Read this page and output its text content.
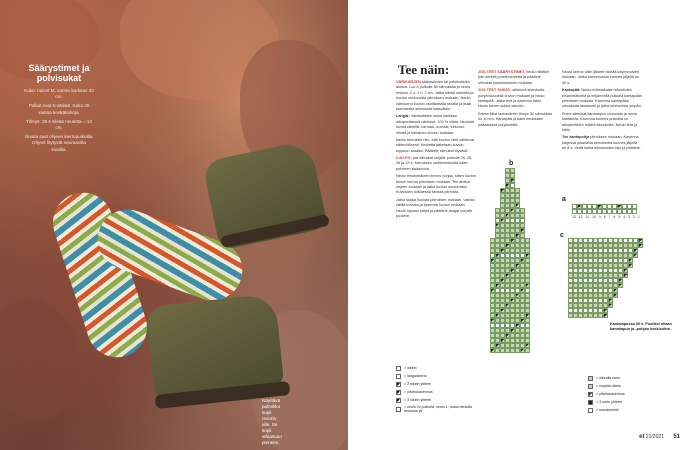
Säärystimet ja polvisukat

Koko: naiset M, varren korkeus 33 cm.

Pulkat ovat 6-värisiä. Koko 39 vastaa kenkäkokoja.

Tiheys: 29 s sileää neuletta = 10 cm.

Ilmoita saat ohjeen kiertopuikoilla. Ohjeet löytyvät seuraavilta sivuilta.

Näyttävä
palmikko
sopii
resorin
alle. Se
sopii
arkiasuun
pieneen.
Tee näin:

VÄRIKÄRJEN säärystimien tai polvisukkien aloitus: Luo 4 puikolle 55 silmukkaa ja neulo resoria, 2 o, 2 n, 7 cm. Jatka sileää neuletta ja kuvion neulomista piirroksen mukaan. Neulo värivuorot kuvion osoittamalla tavalla ja lisää kerroksella silmukoita tasavälein.

Langat: Varsisukkien lanka kaikissa alkuperäisissä väreissä, 100 % villaa. Neulotut kuviot väreillä: harmaa, oranssi, turkoosi, vihreä ja keltainen kuvion mukaan.

Neulo kerroksia niin, että kuvion värit vaihtuvat säännöllisesti. Neuletta jatketaan kuvion loppuun saakka. Päättele silmukat löysästi.

LUO P.S. jaa silmukat neljälle puikolle 26, 26, 26 ja 13 s. Kerroksen vaihtumiskohta tulee pohkeen sisäsivulle.

Neulo ensimmäinen kerros nurjaa, sitten kuvion toinen kerros piirroksen mukaan. Tee aloitus ohjeen mukaan ja jatka kuvion neulomista. Kuvioiden toistuessa seuraa piirrosta.

Jatka sukka kuviota piirroksen mukaan, vaihda välillä kuviota ja kavenna kuvion mukaan. Neulo lopuksi kärjet ja päättele langat nurjalle puolelle.

JOS TEET SÄÄRYSTIMET, neulo niiltäkin pari senttiä joustinneuletta ja päättele silmukat joustinneuleen mukaan.

JOS TEET SUKAT, vähennä silmukoita pohjeosuudella kuvion mukaan ja neulo kantapää. Jatka terä ja kavenna kärki. Neulo toinen sukka samoin.

Esimerkiksi lankavärien tiheys 30 silmukkaa on 10 cm. Kantapää ja kärki neulotaan pääasiassa pohjavärillä.

Neulo kerros välin jälkeen sileää kavennusten mukaan. Jatka kavennuksia kunnes jäljellä on 40 s.

Kantapää: Neulo edestakaisin silmukoita ensimmäisellä ja neljännellä puikolla kantapään piirroksen mukaan. Kavenna kantapään silmukoita tasaisesti ja jatka neulomista ympäri.

Poimi silmukat kantalapun reunoista ja neulo kantakiila. Kavenna kunnes puikoilla on alkuperäinen määrä silmukoita. Neulo terä ja kärki.

Tee kantapohja piirroksen mukaan. Kavenna kärjessä jokaisella kerroksella kunnes jäljellä on 8 s. Vedä lanka silmukoiden läpi ja päättele.

b
a
c
13 12 11 10 9 8 7 6 5 4 3 2 1
Kantalapussa 30 s. Puoliksi ollaan kantalapun ja -pohjan keskikohta.
= oikein
= langankierto
= 2 oikein yhteen
= ylivetokavennus
= 3 oikein yhteen
= neulo 2x puikolla, neulo 1, nosta neulottu neulotun yli
= oikealla nurin
= nurjalla oikein
= ylivetokavennus
= 3 nurin yhteen
= reunamerkki
et 21/2021 51
